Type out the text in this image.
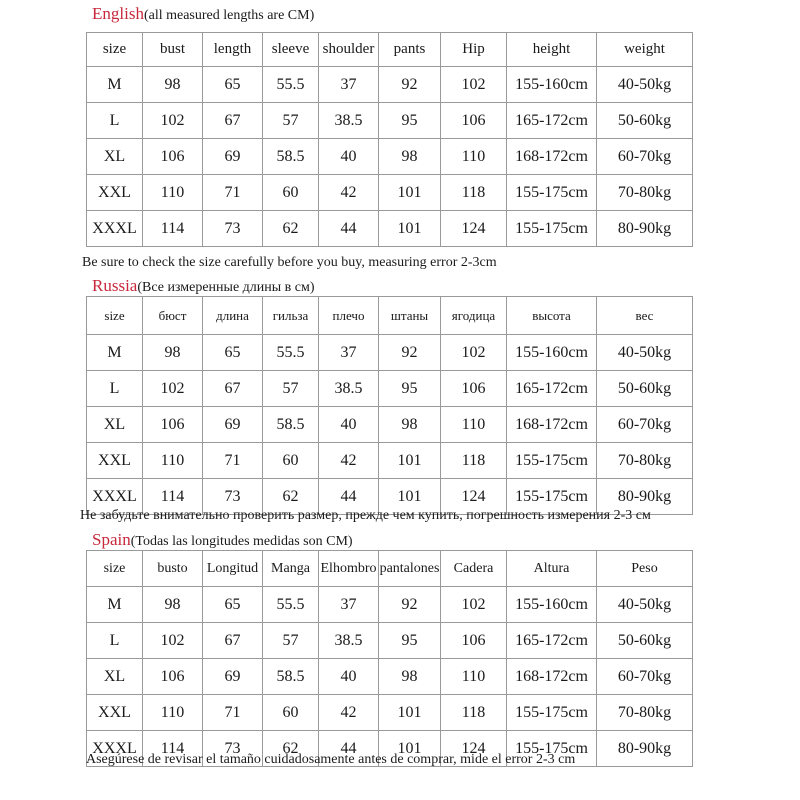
English(all measured lengths are CM)
size	bust	length	sleeve	shoulder	pants	Hip	height	weight
M	98	65	55.5	37	92	102	155-160cm	40-50kg
L	102	67	57	38.5	95	106	165-172cm	50-60kg
XL	106	69	58.5	40	98	110	168-172cm	60-70kg
XXL	110	71	60	42	101	118	155-175cm	70-80kg
XXXL	114	73	62	44	101	124	155-175cm	80-90kg
Be sure to check the size carefully before you buy, measuring error 2-3cm
Russia(Все измеренные длины в см)
size	бюст	длина	гильза	плечо	штаны	ягодица	высота	вес
M	98	65	55.5	37	92	102	155-160cm	40-50kg
L	102	67	57	38.5	95	106	165-172cm	50-60kg
XL	106	69	58.5	40	98	110	168-172cm	60-70kg
XXL	110	71	60	42	101	118	155-175cm	70-80kg
XXXL	114	73	62	44	101	124	155-175cm	80-90kg
Не забудьте внимательно проверить размер, прежде чем купить, погрешность измерения 2-3 см
Spain(Todas las longitudes medidas son CM)
size	busto	Longitud	Manga	Elhombro	pantalones	Cadera	Altura	Peso
M	98	65	55.5	37	92	102	155-160cm	40-50kg
L	102	67	57	38.5	95	106	165-172cm	50-60kg
XL	106	69	58.5	40	98	110	168-172cm	60-70kg
XXL	110	71	60	42	101	118	155-175cm	70-80kg
XXXL	114	73	62	44	101	124	155-175cm	80-90kg
Asegúrese de revisar el tamaño cuidadosamente antes de comprar, mide el error 2-3 cm
